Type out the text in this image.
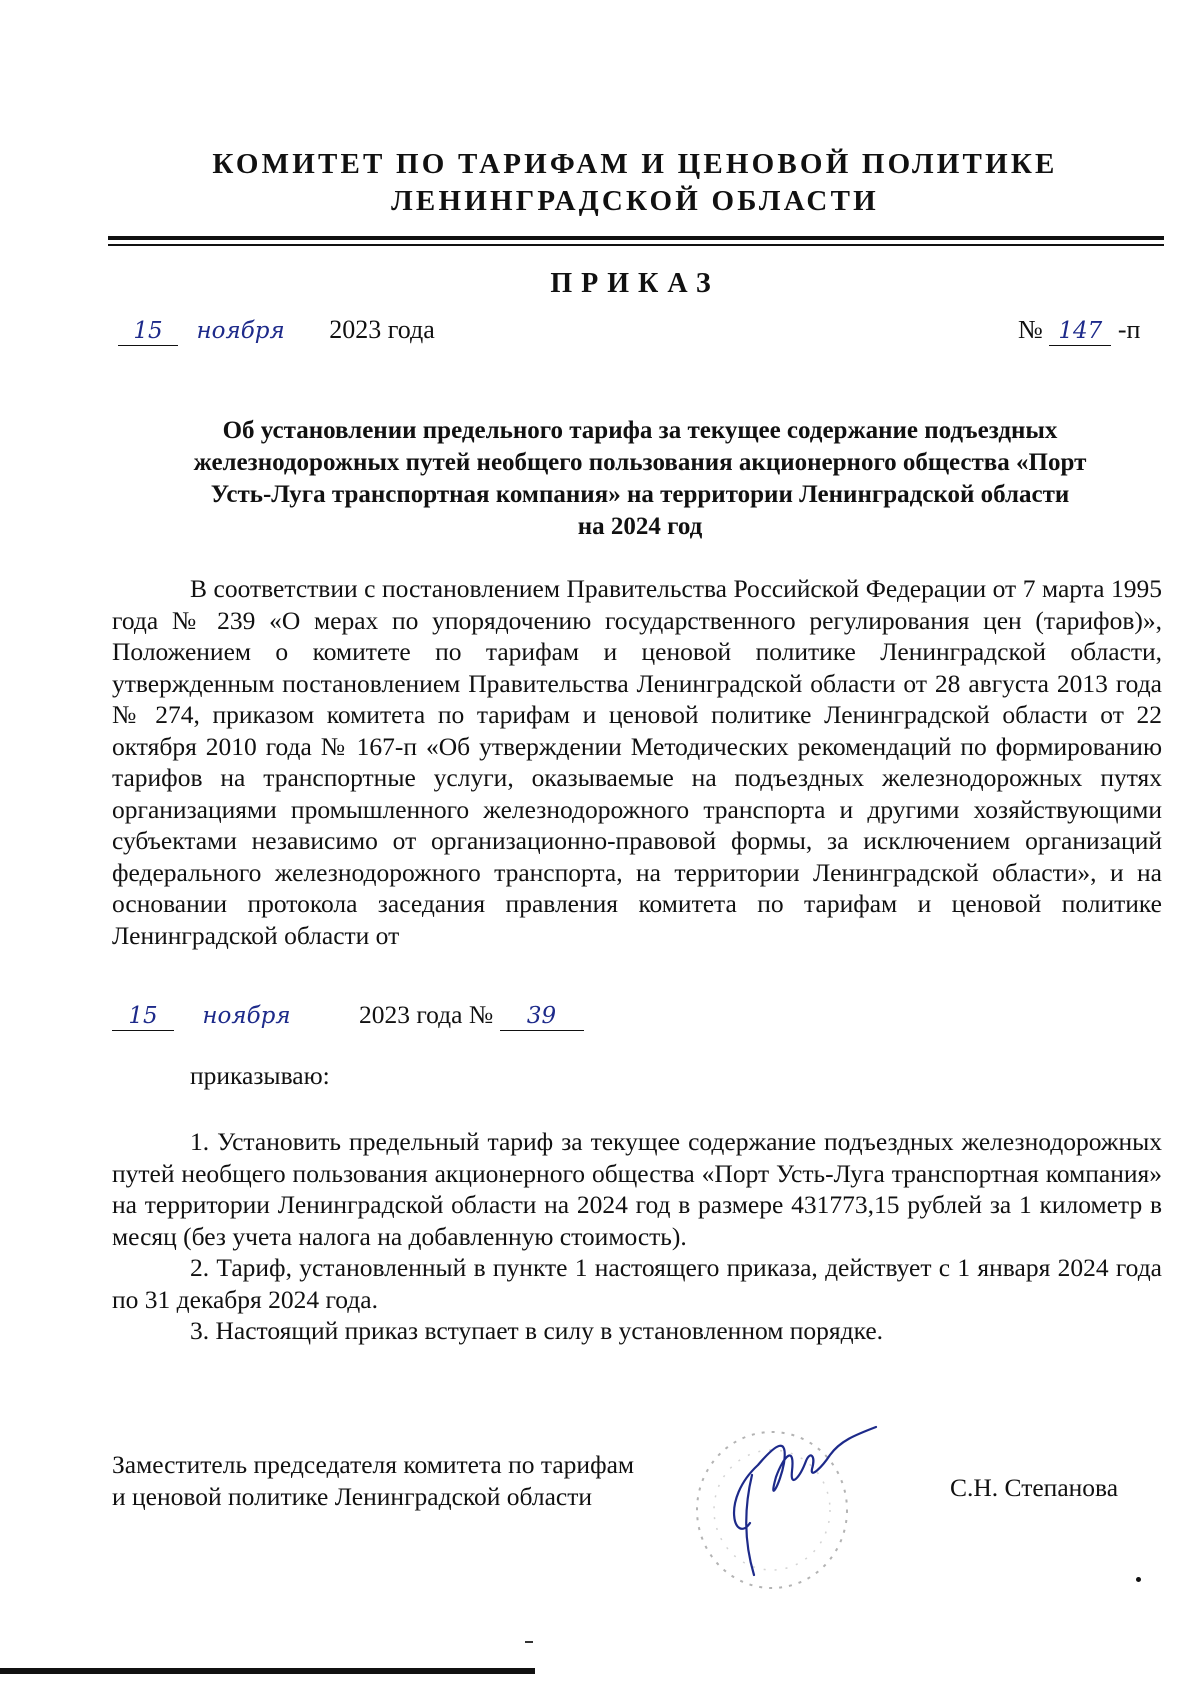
КОМИТЕТ ПО ТАРИФАМ И ЦЕНОВОЙ ПОЛИТИКЕ
ЛЕНИНГРАДСКОЙ ОБЛАСТИ
ПРИКАЗ
15 ноября 2023 года	№ 147 -п
Об установлении предельного тарифа за текущее содержание подъездных
железнодорожных путей необщего пользования акционерного общества «Порт
Усть-Луга транспортная компания» на территории Ленинградской области
на 2024 год

В соответствии с постановлением Правительства Российской Федерации от 7 марта 1995 года № 239 «О мерах по упорядочению государственного регулирования цен (тарифов)», Положением о комитете по тарифам и ценовой политике Ленинградской области, утвержденным постановлением Правительства Ленинградской области от 28 августа 2013 года № 274, приказом комитета по тарифам и ценовой политике Ленинградской области от 22 октября 2010 года № 167-п «Об утверждении Методических рекомендаций по формированию тарифов на транспортные услуги, оказываемые на подъездных железнодорожных путях организациями промышленного железнодорожного транспорта и другими хозяйствующими субъектами независимо от организационно-правовой формы, за исключением организаций федерального железнодорожного транспорта, на территории Ленинградской области», и на основании протокола заседания правления комитета по тарифам и ценовой политике Ленинградской области от

15 ноября	2023 года № 39
приказываю:

1. Установить предельный тариф за текущее содержание подъездных железнодорожных путей необщего пользования акционерного общества «Порт Усть-Луга транспортная компания» на территории Ленинградской области на 2024 год в размере 431773,15 рублей за 1 километр в месяц (без учета налога на добавленную стоимость).

2. Тариф, установленный в пункте 1 настоящего приказа, действует с 1 января 2024 года по 31 декабря 2024 года.

3. Настоящий приказ вступает в силу в установленном порядке.

Заместитель председателя комитета по тарифам
и ценовой политике Ленинградской области	С.Н. Степанова
